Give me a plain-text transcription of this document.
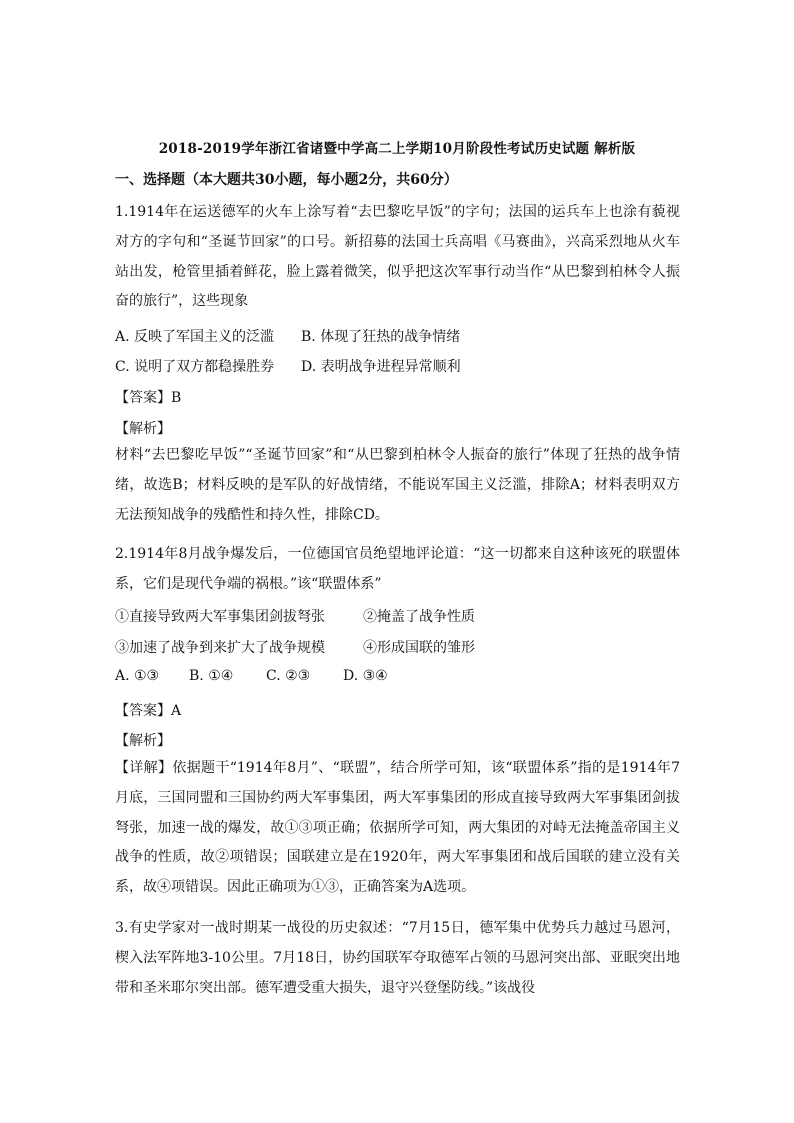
2018-2019学年浙江省诸暨中学高二上学期10月阶段性考试历史试题 解析版
一、选择题（本大题共30小题，每小题2分，共60分）
1.1914年在运送德军的火车上涂写着“去巴黎吃早饭”的字句；法国的运兵车上也涂有藐视对方的字句和“圣诞节回家”的口号。新招募的法国士兵高唱《马赛曲》，兴高采烈地从火车站出发，枪管里插着鲜花，脸上露着微笑，似乎把这次军事行动当作“从巴黎到柏林令人振奋的旅行”，这些现象
A. 反映了军国主义的泛滥 B. 体现了狂热的战争情绪
C. 说明了双方都稳操胜券 D. 表明战争进程异常顺利
【答案】B
【解析】
材料“去巴黎吃早饭”“圣诞节回家”和“从巴黎到柏林令人振奋的旅行”体现了狂热的战争情绪，故选B；材料反映的是军队的好战情绪，不能说军国主义泛滥，排除A；材料表明双方无法预知战争的残酷性和持久性，排除CD。
2.1914年8月战争爆发后，一位德国官员绝望地评论道：“这一切都来自这种该死的联盟体系，它们是现代争端的祸根。”该“联盟体系”
①直接导致两大军事集团剑拔弩张	②掩盖了战争性质
③加速了战争到来扩大了战争规模	④形成国联的雏形
A. ①③ B. ①④ C. ②③ D. ③④
【答案】A
【解析】
【详解】依据题干“1914年8月”、“联盟”，结合所学可知，该“联盟体系”指的是1914年7月底，三国同盟和三国协约两大军事集团，两大军事集团的形成直接导致两大军事集团剑拔弩张，加速一战的爆发，故①③项正确；依据所学可知，两大集团的对峙无法掩盖帝国主义战争的性质，故②项错误；国联建立是在1920年，两大军事集团和战后国联的建立没有关系，故④项错误。因此正确项为①③，正确答案为A选项。
3.有史学家对一战时期某一战役的历史叙述：“7月15日，德军集中优势兵力越过马恩河，楔入法军阵地3-10公里。7月18日，协约国联军夺取德军占领的马恩河突出部、亚眠突出地带和圣米耶尔突出部。德军遭受重大损失，退守兴登堡防线。”该战役
